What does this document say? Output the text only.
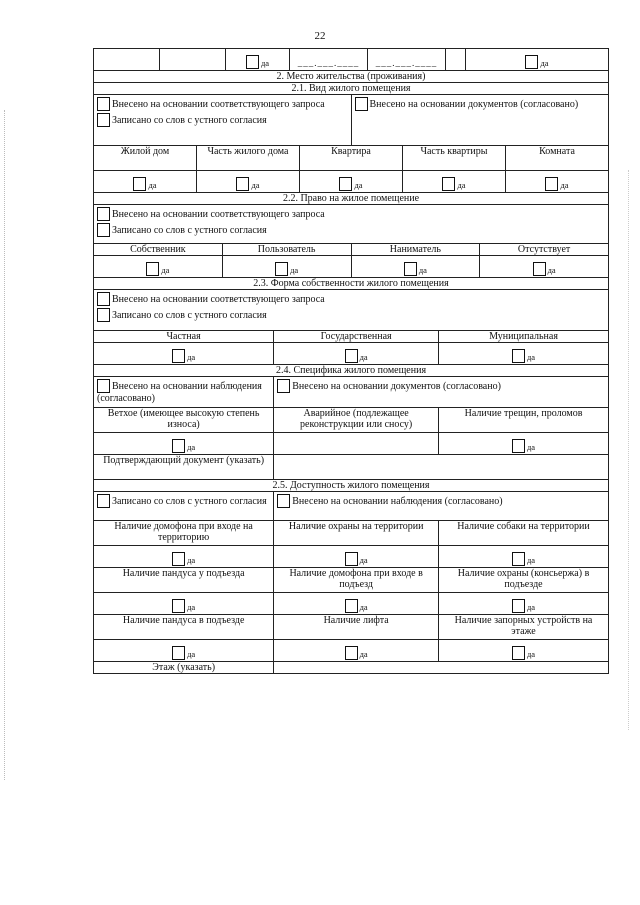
22
		да	___.___.____	___.___.____		да
2. Место жительства (проживания)
2.1. Вид жилого помещения

Внесено на основании соответствующего запроса
Записано со слов с устного согласия

Внесено на основании документов (согласовано)
Жилой дом	Часть жилого дома	Квартира	Часть квартиры	Комната
да	да	да	да	да
2.2. Право на жилое помещение			

Внесено на основании соответствующего запроса
Записано со слов с устного согласия			

Собственник	Пользователь	Наниматель	Отсутствует
да	да	да	да
2.3. Форма собственности жилого помещения		

Внесено на основании соответствующего запроса
Записано со слов с устного согласия		

Частная	Государственная	Муниципальная
да	да	да
2.4. Специфика жилого помещения		

Внесено на основании наблюдения (согласовано)	Внесено на основании документов (согласовано)	

Ветхое (имеющее высокую степень износа)	Аварийное (подлежащее реконструкции или сносу)	Наличие трещин, проломов
да		да
Подтверждающий документ (указать)		
2.5. Доступность жилого помещения		

Записано со слов с устного согласия	Внесено на основании наблюдения (согласовано)	

Наличие домофона при входе на территорию	Наличие охраны на территории	Наличие собаки на территории
да	да	да
Наличие пандуса у подъезда	Наличие домофона при входе в подъезд	Наличие охраны (консьержа) в подъезде
да	да	да
Наличие пандуса в подъезде	Наличие лифта	Наличие запорных устройств на этаже
да	да	да
Этаж (указать)		
